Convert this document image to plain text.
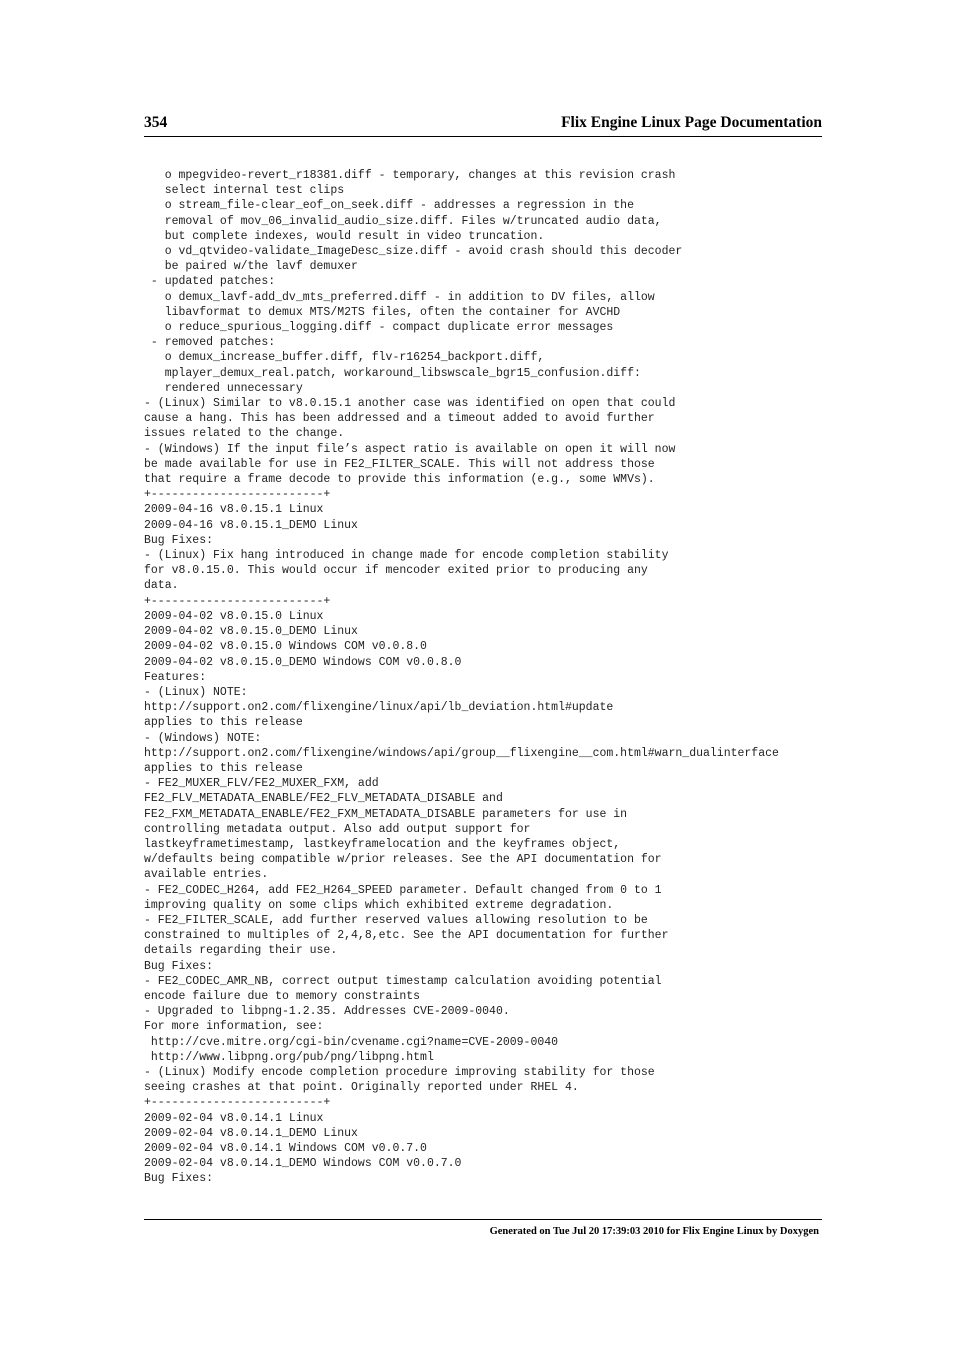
354	Flix Engine Linux Page Documentation
o mpegvideo-revert_r18381.diff - temporary, changes at this revision crash
select internal test clips
o stream_file-clear_eof_on_seek.diff - addresses a regression in the
removal of mov_06_invalid_audio_size.diff. Files w/truncated audio data,
but complete indexes, would result in video truncation.
o vd_qtvideo-validate_ImageDesc_size.diff - avoid crash should this decoder
be paired w/the lavf demuxer
- updated patches:
o demux_lavf-add_dv_mts_preferred.diff - in addition to DV files, allow
libavformat to demux MTS/M2TS files, often the container for AVCHD
o reduce_spurious_logging.diff - compact duplicate error messages
- removed patches:
o demux_increase_buffer.diff, flv-r16254_backport.diff,
mplayer_demux_real.patch, workaround_libswscale_bgr15_confusion.diff:
rendered unnecessary
- (Linux) Similar to v8.0.15.1 another case was identified on open that could
cause a hang. This has been addressed and a timeout added to avoid further
issues related to the change.
- (Windows) If the input file’s aspect ratio is available on open it will now
be made available for use in FE2_FILTER_SCALE. This will not address those
that require a frame decode to provide this information (e.g., some WMVs).
+-------------------------+
2009-04-16 v8.0.15.1 Linux
2009-04-16 v8.0.15.1_DEMO Linux
Bug Fixes:
- (Linux) Fix hang introduced in change made for encode completion stability
for v8.0.15.0. This would occur if mencoder exited prior to producing any
data.
+-------------------------+
2009-04-02 v8.0.15.0 Linux
2009-04-02 v8.0.15.0_DEMO Linux
2009-04-02 v8.0.15.0 Windows COM v0.0.8.0
2009-04-02 v8.0.15.0_DEMO Windows COM v0.0.8.0
Features:
- (Linux) NOTE:
http://support.on2.com/flixengine/linux/api/lb_deviation.html#update
applies to this release
- (Windows) NOTE:
http://support.on2.com/flixengine/windows/api/group__flixengine__com.html#warn_dualinterface
applies to this release
- FE2_MUXER_FLV/FE2_MUXER_FXM, add
FE2_FLV_METADATA_ENABLE/FE2_FLV_METADATA_DISABLE and
FE2_FXM_METADATA_ENABLE/FE2_FXM_METADATA_DISABLE parameters for use in
controlling metadata output. Also add output support for
lastkeyframetimestamp, lastkeyframelocation and the keyframes object,
w/defaults being compatible w/prior releases. See the API documentation for
available entries.
- FE2_CODEC_H264, add FE2_H264_SPEED parameter. Default changed from 0 to 1
improving quality on some clips which exhibited extreme degradation.
- FE2_FILTER_SCALE, add further reserved values allowing resolution to be
constrained to multiples of 2,4,8,etc. See the API documentation for further
details regarding their use.
Bug Fixes:
- FE2_CODEC_AMR_NB, correct output timestamp calculation avoiding potential
encode failure due to memory constraints
- Upgraded to libpng-1.2.35. Addresses CVE-2009-0040.
For more information, see:
http://cve.mitre.org/cgi-bin/cvename.cgi?name=CVE-2009-0040
http://www.libpng.org/pub/png/libpng.html
- (Linux) Modify encode completion procedure improving stability for those
seeing crashes at that point. Originally reported under RHEL 4.
+-------------------------+
2009-02-04 v8.0.14.1 Linux
2009-02-04 v8.0.14.1_DEMO Linux
2009-02-04 v8.0.14.1 Windows COM v0.0.7.0
2009-02-04 v8.0.14.1_DEMO Windows COM v0.0.7.0
Bug Fixes:
Generated on Tue Jul 20 17:39:03 2010 for Flix Engine Linux by Doxygen
